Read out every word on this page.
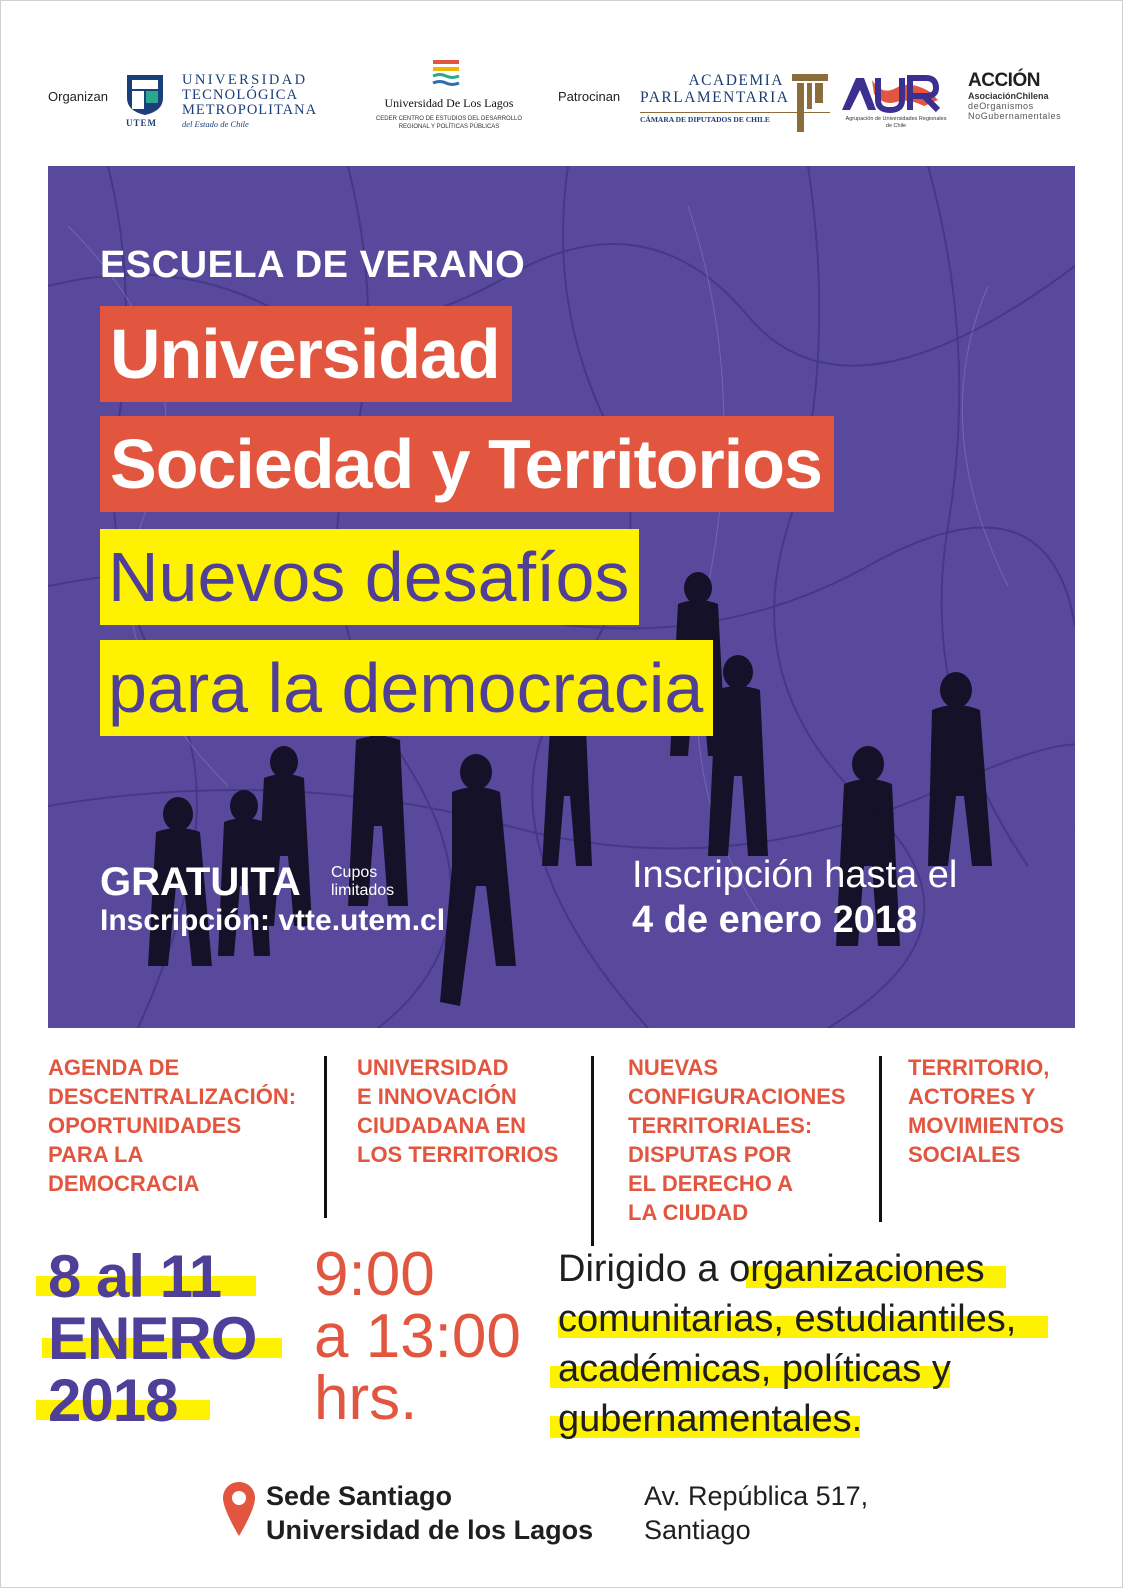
Organizan
UTEM
UNIVERSIDAD
TECNOLÓGICA
METROPOLITANA
del Estado de Chile
Universidad De Los Lagos
CEDER CENTRO DE ESTUDIOS DEL DESARROLLO
REGIONAL Y POLÍTICAS PÚBLICAS
Patrocinan
ACADEMIA
PARLAMENTARIA
CÁMARA DE DIPUTADOS DE CHILE	Agrupación de Universidades Regionales
de Chile
ACCIÓN
AsociaciónChilena
deOrganismos
NoGubernamentales
ESCUELA DE VERANO
Universidad
Sociedad y Territorios
Nuevos desafíos
para la democracia
GRATUITA Cupos
limitados
Inscripción: vtte.utem.cl
Inscripción hasta el
4 de enero 2018
AGENDA DE
DESCENTRALIZACIÓN:
OPORTUNIDADES
PARA LA
DEMOCRACIA
UNIVERSIDAD
E INNOVACIÓN
CIUDADANA EN
LOS TERRITORIOS
NUEVAS
CONFIGURACIONES
TERRITORIALES:
DISPUTAS POR
EL DERECHO A
LA CIUDAD
TERRITORIO,
ACTORES Y
MOVIMIENTOS
SOCIALES
8 al 11
ENERO
2018
9:00
a 13:00
hrs.
Dirigido a organizaciones
comunitarias, estudiantiles,
académicas, políticas y
gubernamentales.
Sede Santiago
Universidad de los Lagos
Av. República 517,
Santiago
